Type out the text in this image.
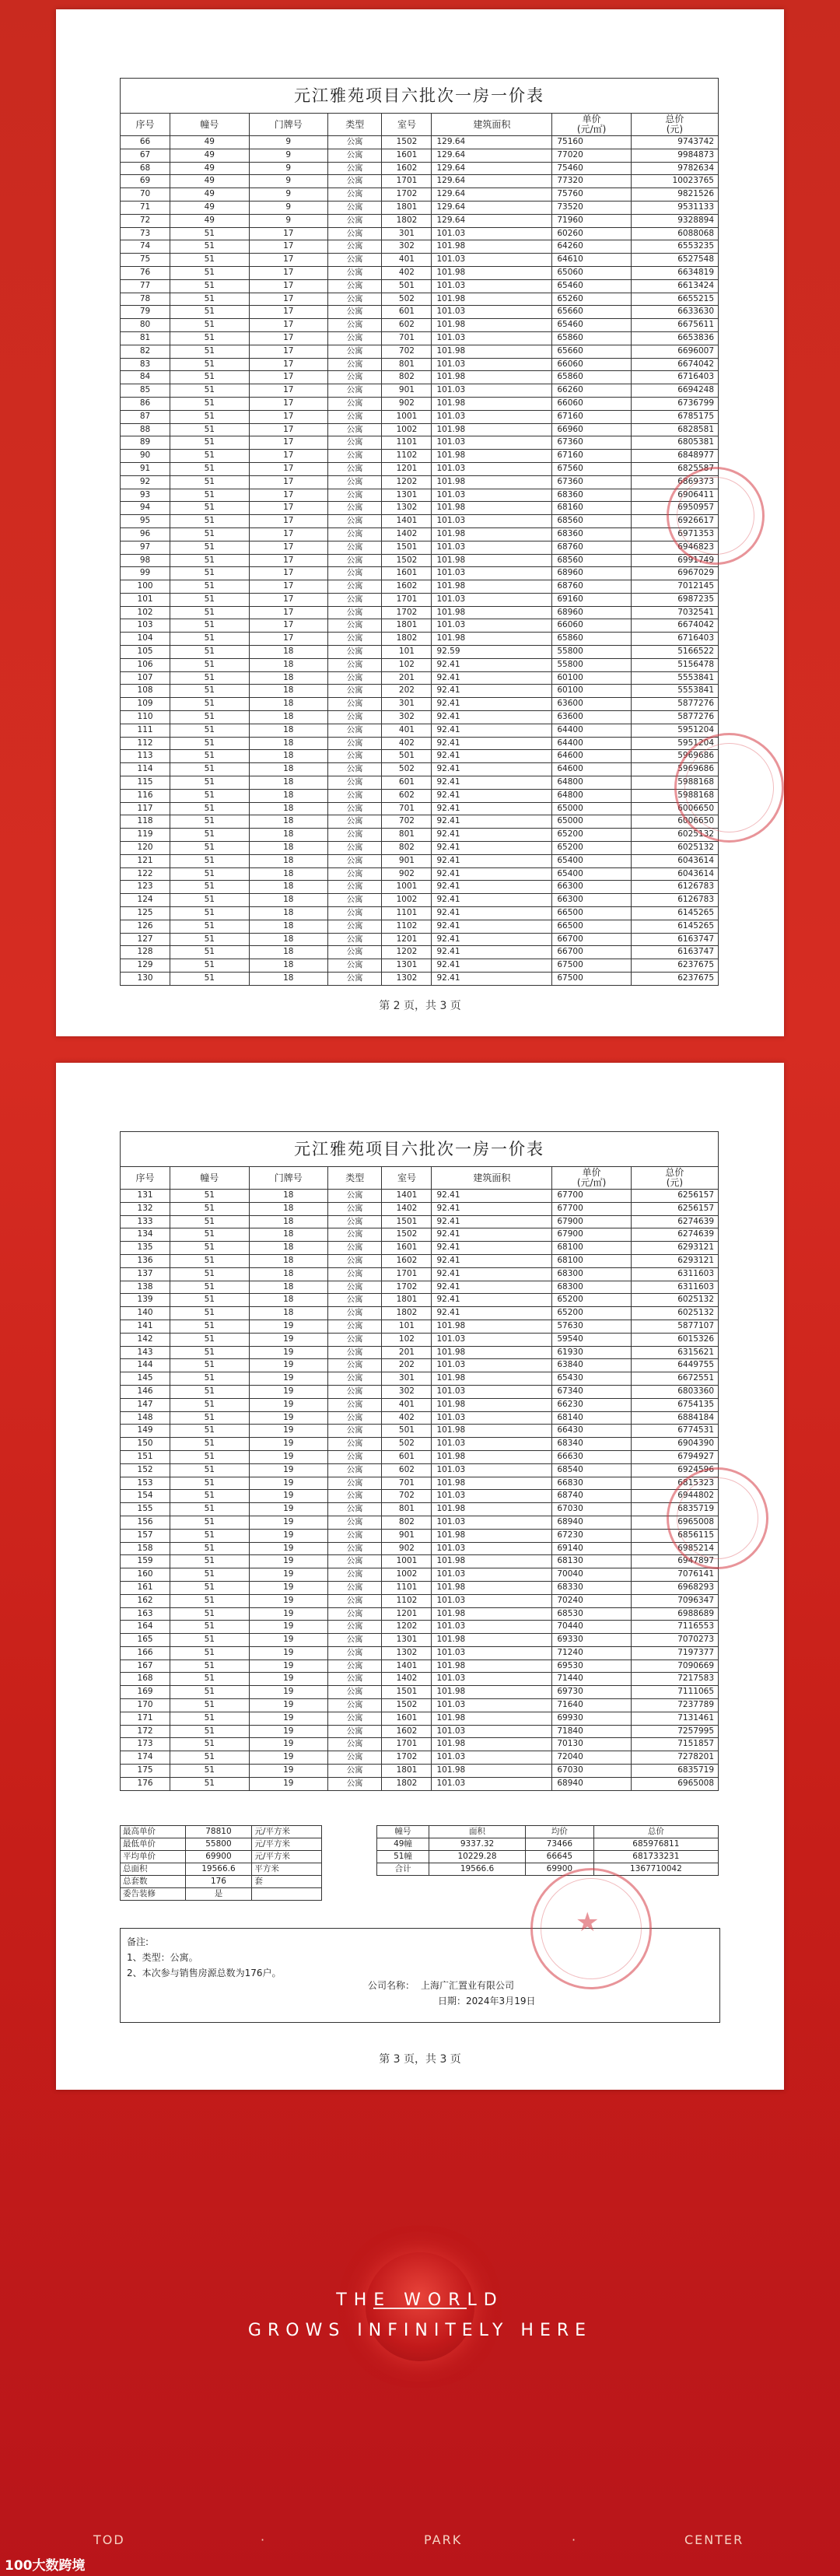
元江雅苑项目六批次一房一价表
序号	幢号	门牌号	类型	室号	建筑面积	单价
(元/㎡)	总价
(元)
66	49	9	公寓	1502	129.64	75160	9743742
67	49	9	公寓	1601	129.64	77020	9984873
68	49	9	公寓	1602	129.64	75460	9782634
69	49	9	公寓	1701	129.64	77320	10023765
70	49	9	公寓	1702	129.64	75760	9821526
71	49	9	公寓	1801	129.64	73520	9531133
72	49	9	公寓	1802	129.64	71960	9328894
73	51	17	公寓	301	101.03	60260	6088068
74	51	17	公寓	302	101.98	64260	6553235
75	51	17	公寓	401	101.03	64610	6527548
76	51	17	公寓	402	101.98	65060	6634819
77	51	17	公寓	501	101.03	65460	6613424
78	51	17	公寓	502	101.98	65260	6655215
79	51	17	公寓	601	101.03	65660	6633630
80	51	17	公寓	602	101.98	65460	6675611
81	51	17	公寓	701	101.03	65860	6653836
82	51	17	公寓	702	101.98	65660	6696007
83	51	17	公寓	801	101.03	66060	6674042
84	51	17	公寓	802	101.98	65860	6716403
85	51	17	公寓	901	101.03	66260	6694248
86	51	17	公寓	902	101.98	66060	6736799
87	51	17	公寓	1001	101.03	67160	6785175
88	51	17	公寓	1002	101.98	66960	6828581
89	51	17	公寓	1101	101.03	67360	6805381
90	51	17	公寓	1102	101.98	67160	6848977
91	51	17	公寓	1201	101.03	67560	6825587
92	51	17	公寓	1202	101.98	67360	6869373
93	51	17	公寓	1301	101.03	68360	6906411
94	51	17	公寓	1302	101.98	68160	6950957
95	51	17	公寓	1401	101.03	68560	6926617
96	51	17	公寓	1402	101.98	68360	6971353
97	51	17	公寓	1501	101.03	68760	6946823
98	51	17	公寓	1502	101.98	68560	6991749
99	51	17	公寓	1601	101.03	68960	6967029
100	51	17	公寓	1602	101.98	68760	7012145
101	51	17	公寓	1701	101.03	69160	6987235
102	51	17	公寓	1702	101.98	68960	7032541
103	51	17	公寓	1801	101.03	66060	6674042
104	51	17	公寓	1802	101.98	65860	6716403
105	51	18	公寓	101	92.59	55800	5166522
106	51	18	公寓	102	92.41	55800	5156478
107	51	18	公寓	201	92.41	60100	5553841
108	51	18	公寓	202	92.41	60100	5553841
109	51	18	公寓	301	92.41	63600	5877276
110	51	18	公寓	302	92.41	63600	5877276
111	51	18	公寓	401	92.41	64400	5951204
112	51	18	公寓	402	92.41	64400	5951204
113	51	18	公寓	501	92.41	64600	5969686
114	51	18	公寓	502	92.41	64600	5969686
115	51	18	公寓	601	92.41	64800	5988168
116	51	18	公寓	602	92.41	64800	5988168
117	51	18	公寓	701	92.41	65000	6006650
118	51	18	公寓	702	92.41	65000	6006650
119	51	18	公寓	801	92.41	65200	6025132
120	51	18	公寓	802	92.41	65200	6025132
121	51	18	公寓	901	92.41	65400	6043614
122	51	18	公寓	902	92.41	65400	6043614
123	51	18	公寓	1001	92.41	66300	6126783
124	51	18	公寓	1002	92.41	66300	6126783
125	51	18	公寓	1101	92.41	66500	6145265
126	51	18	公寓	1102	92.41	66500	6145265
127	51	18	公寓	1201	92.41	66700	6163747
128	51	18	公寓	1202	92.41	66700	6163747
129	51	18	公寓	1301	92.41	67500	6237675
130	51	18	公寓	1302	92.41	67500	6237675
第 2 页，共 3 页
元江雅苑项目六批次一房一价表
序号	幢号	门牌号	类型	室号	建筑面积	单价
(元/㎡)	总价
(元)
131	51	18	公寓	1401	92.41	67700	6256157
132	51	18	公寓	1402	92.41	67700	6256157
133	51	18	公寓	1501	92.41	67900	6274639
134	51	18	公寓	1502	92.41	67900	6274639
135	51	18	公寓	1601	92.41	68100	6293121
136	51	18	公寓	1602	92.41	68100	6293121
137	51	18	公寓	1701	92.41	68300	6311603
138	51	18	公寓	1702	92.41	68300	6311603
139	51	18	公寓	1801	92.41	65200	6025132
140	51	18	公寓	1802	92.41	65200	6025132
141	51	19	公寓	101	101.98	57630	5877107
142	51	19	公寓	102	101.03	59540	6015326
143	51	19	公寓	201	101.98	61930	6315621
144	51	19	公寓	202	101.03	63840	6449755
145	51	19	公寓	301	101.98	65430	6672551
146	51	19	公寓	302	101.03	67340	6803360
147	51	19	公寓	401	101.98	66230	6754135
148	51	19	公寓	402	101.03	68140	6884184
149	51	19	公寓	501	101.98	66430	6774531
150	51	19	公寓	502	101.03	68340	6904390
151	51	19	公寓	601	101.98	66630	6794927
152	51	19	公寓	602	101.03	68540	6924596
153	51	19	公寓	701	101.98	66830	6815323
154	51	19	公寓	702	101.03	68740	6944802
155	51	19	公寓	801	101.98	67030	6835719
156	51	19	公寓	802	101.03	68940	6965008
157	51	19	公寓	901	101.98	67230	6856115
158	51	19	公寓	902	101.03	69140	6985214
159	51	19	公寓	1001	101.98	68130	6947897
160	51	19	公寓	1002	101.03	70040	7076141
161	51	19	公寓	1101	101.98	68330	6968293
162	51	19	公寓	1102	101.03	70240	7096347
163	51	19	公寓	1201	101.98	68530	6988689
164	51	19	公寓	1202	101.03	70440	7116553
165	51	19	公寓	1301	101.98	69330	7070273
166	51	19	公寓	1302	101.03	71240	7197377
167	51	19	公寓	1401	101.98	69530	7090669
168	51	19	公寓	1402	101.03	71440	7217583
169	51	19	公寓	1501	101.98	69730	7111065
170	51	19	公寓	1502	101.03	71640	7237789
171	51	19	公寓	1601	101.98	69930	7131461
172	51	19	公寓	1602	101.03	71840	7257995
173	51	19	公寓	1701	101.98	70130	7151857
174	51	19	公寓	1702	101.03	72040	7278201
175	51	19	公寓	1801	101.98	67030	6835719
176	51	19	公寓	1802	101.03	68940	6965008
最高单价	78810	元/平方米
最低单价	55800	元/平方米
平均单价	69900	元/平方米
总面积	19566.6	平方米
总套数	176	套
委告装修	是	
幢号	面积	均价	总价
49幢	9337.32	73466	685976811
51幢	10229.28	66645	681733231
合计	19566.6	69900	1367710042
备注:
1、类型：公寓。
2、本次参与销售房源总数为176户。
公司名称： 上海广汇置业有限公司
日期：2024年3月19日
★
第 3 页，共 3 页
THE WORLD
GROWS INFINITELY HERE
TOD	·	PARK	·	CENTER
100大数跨境
